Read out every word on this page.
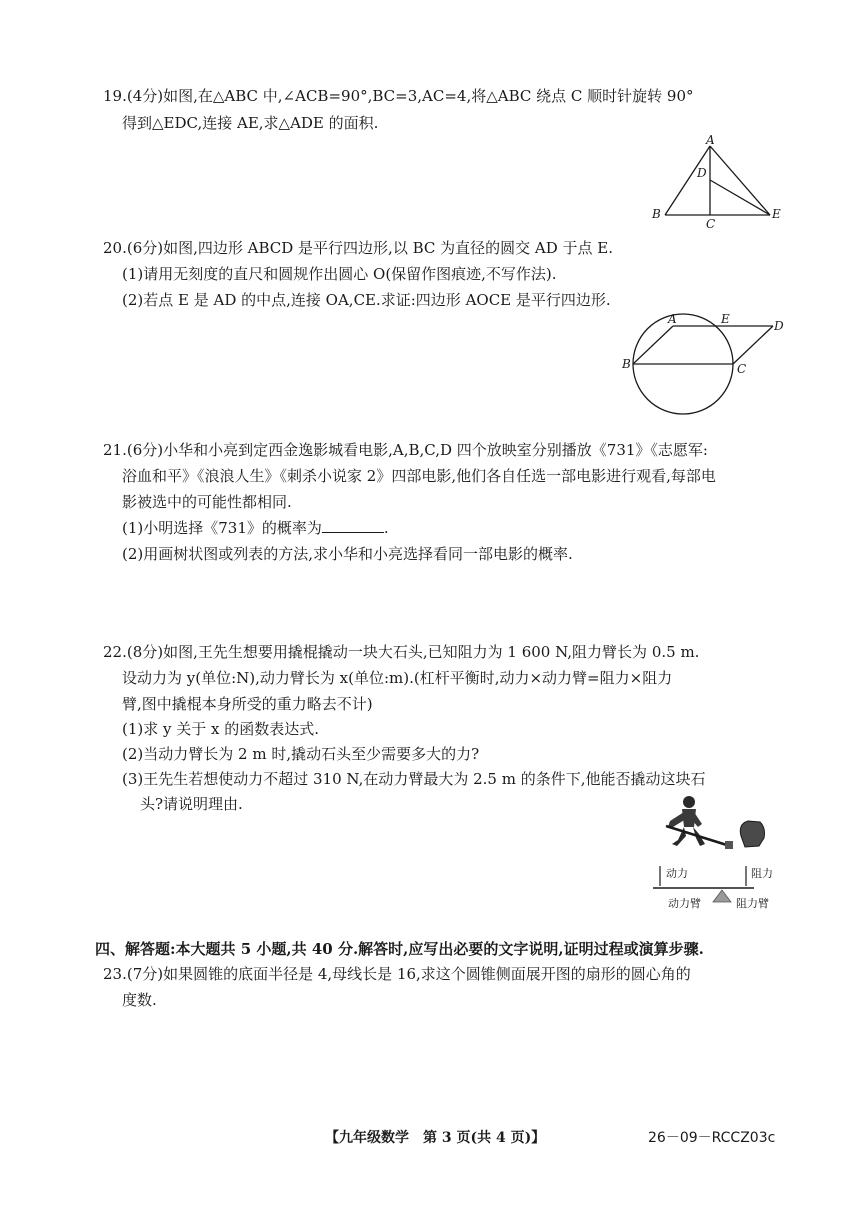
19.(4分)如图,在△ABC 中,∠ACB=90°,BC=3,AC=4,将△ABC 绕点 C 顺时针旋转 90°
得到△EDC,连接 AE,求△ADE 的面积.
A
D
B
C
E
20.(6分)如图,四边形 ABCD 是平行四边形,以 BC 为直径的圆交 AD 于点 E.
(1)请用无刻度的直尺和圆规作出圆心 O(保留作图痕迹,不写作法).
(2)若点 E 是 AD 的中点,连接 OA,CE.求证:四边形 AOCE 是平行四边形.
A	E	D
B	C
21.(6分)小华和小亮到定西金逸影城看电影,A,B,C,D 四个放映室分别播放《731》《志愿军:
浴血和平》《浪浪人生》《刺杀小说家 2》四部电影,他们各自任选一部电影进行观看,每部电
影被选中的可能性都相同.
(1)小明选择《731》的概率为	.
(2)用画树状图或列表的方法,求小华和小亮选择看同一部电影的概率.
22.(8分)如图,王先生想要用撬棍撬动一块大石头,已知阻力为 1 600 N,阻力臂长为 0.5 m.
设动力为 y(单位:N),动力臂长为 x(单位:m).(杠杆平衡时,动力×动力臂=阻力×阻力
臂,图中撬棍本身所受的重力略去不计)
(1)求 y 关于 x 的函数表达式.
(2)当动力臂长为 2 m 时,撬动石头至少需要多大的力?
(3)王先生若想使动力不超过 310 N,在动力臂最大为 2.5 m 的条件下,他能否撬动这块石
头?请说明理由.
动力	阻力
动力臂	阻力臂
四、解答题:本大题共 5 小题,共 40 分.解答时,应写出必要的文字说明,证明过程或演算步骤.
23.(7分)如果圆锥的底面半径是 4,母线长是 16,求这个圆锥侧面展开图的扇形的圆心角的
度数.
【九年级数学　第 3 页(共 4 页)】	26－09－RCCZ03c
